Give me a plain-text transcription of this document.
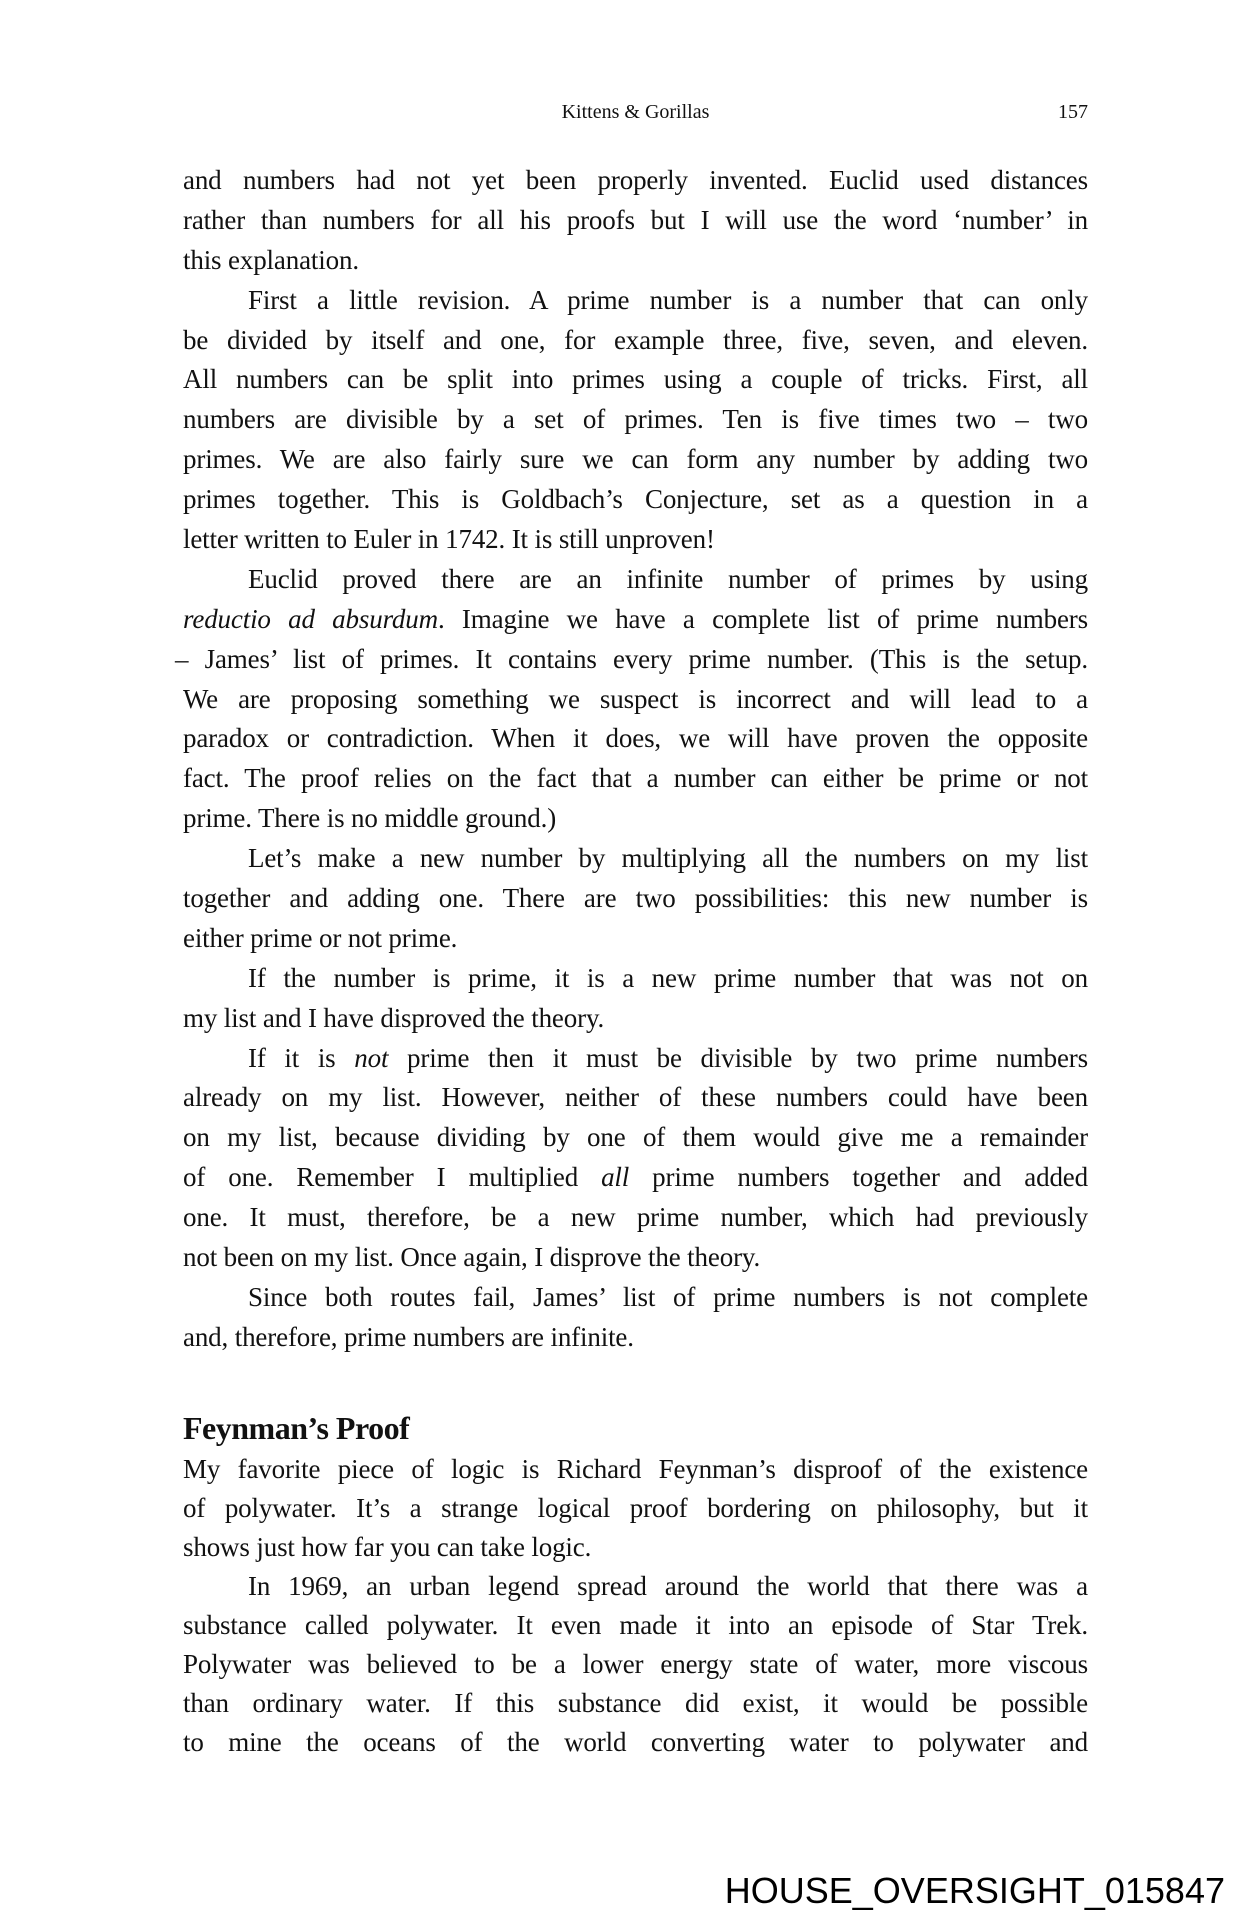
Kittens & Gorillas	157
and numbers had not yet been properly invented. Euclid used distances
rather than numbers for all his proofs but I will use the word ‘number’ in
this explanation.
First a little revision. A prime number is a number that can only
be divided by itself and one, for example three, five, seven, and eleven.
All numbers can be split into primes using a couple of tricks. First, all
numbers are divisible by a set of primes. Ten is five times two – two
primes. We are also fairly sure we can form any number by adding two
primes together. This is Goldbach’s Conjecture, set as a question in a
letter written to Euler in 1742. It is still unproven!
Euclid proved there are an infinite number of primes by using
reductio ad absurdum. Imagine we have a complete list of prime numbers
– James’ list of primes. It contains every prime number. (This is the setup.
We are proposing something we suspect is incorrect and will lead to a
paradox or contradiction. When it does, we will have proven the opposite
fact. The proof relies on the fact that a number can either be prime or not
prime. There is no middle ground.)
Let’s make a new number by multiplying all the numbers on my list
together and adding one. There are two possibilities: this new number is
either prime or not prime.
If the number is prime, it is a new prime number that was not on
my list and I have disproved the theory.
If it is not prime then it must be divisible by two prime numbers
already on my list. However, neither of these numbers could have been
on my list, because dividing by one of them would give me a remainder
of one. Remember I multiplied all prime numbers together and added
one. It must, therefore, be a new prime number, which had previously
not been on my list. Once again, I disprove the theory.
Since both routes fail, James’ list of prime numbers is not complete
and, therefore, prime numbers are infinite.
Feynman’s Proof
My favorite piece of logic is Richard Feynman’s disproof of the existence
of polywater. It’s a strange logical proof bordering on philosophy, but it
shows just how far you can take logic.
In 1969, an urban legend spread around the world that there was a
substance called polywater. It even made it into an episode of Star Trek.
Polywater was believed to be a lower energy state of water, more viscous
than ordinary water. If this substance did exist, it would be possible
to mine the oceans of the world converting water to polywater and
HOUSE_OVERSIGHT_015847
